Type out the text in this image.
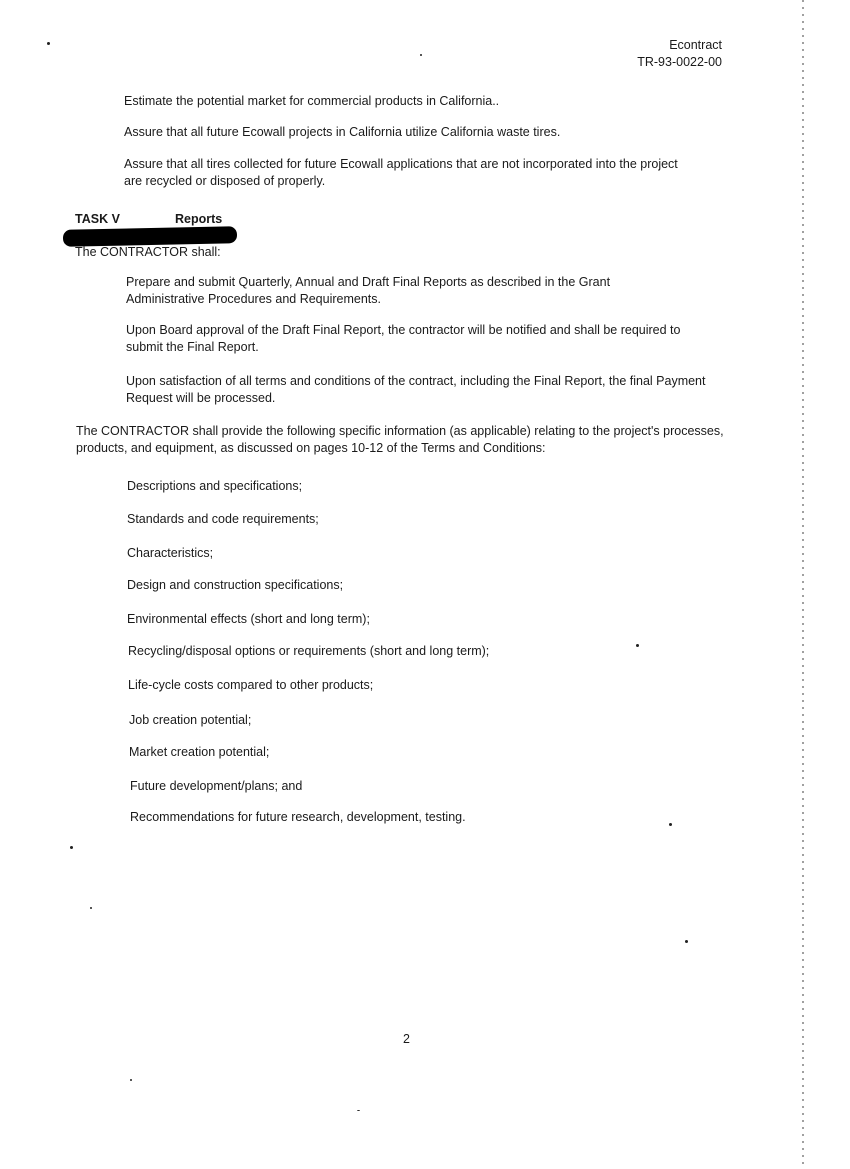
Econtract
TR-93-0022-00
Estimate the potential market for commercial products in California..
Assure that all future Ecowall projects in California utilize California waste tires.
Assure that all tires collected for future Ecowall applications that are not incorporated into the project are recycled or disposed of properly.
TASK V	Reports
The CONTRACTOR shall:
Prepare and submit Quarterly, Annual and Draft Final Reports as described in the Grant Administrative Procedures and Requirements.
Upon Board approval of the Draft Final Report, the contractor will be notified and shall be required to submit the Final Report.
Upon satisfaction of all terms and conditions of the contract, including the Final Report, the final Payment Request will be processed.
The CONTRACTOR shall provide the following specific information (as applicable) relating to the project's processes, products, and equipment, as discussed on pages 10-12 of the Terms and Conditions:
Descriptions and specifications;
Standards and code requirements;
Characteristics;
Design and construction specifications;
Environmental effects (short and long term);
Recycling/disposal options or requirements (short and long term);
Life-cycle costs compared to other products;
Job creation potential;
Market creation potential;
Future development/plans; and
Recommendations for future research, development, testing.
2
